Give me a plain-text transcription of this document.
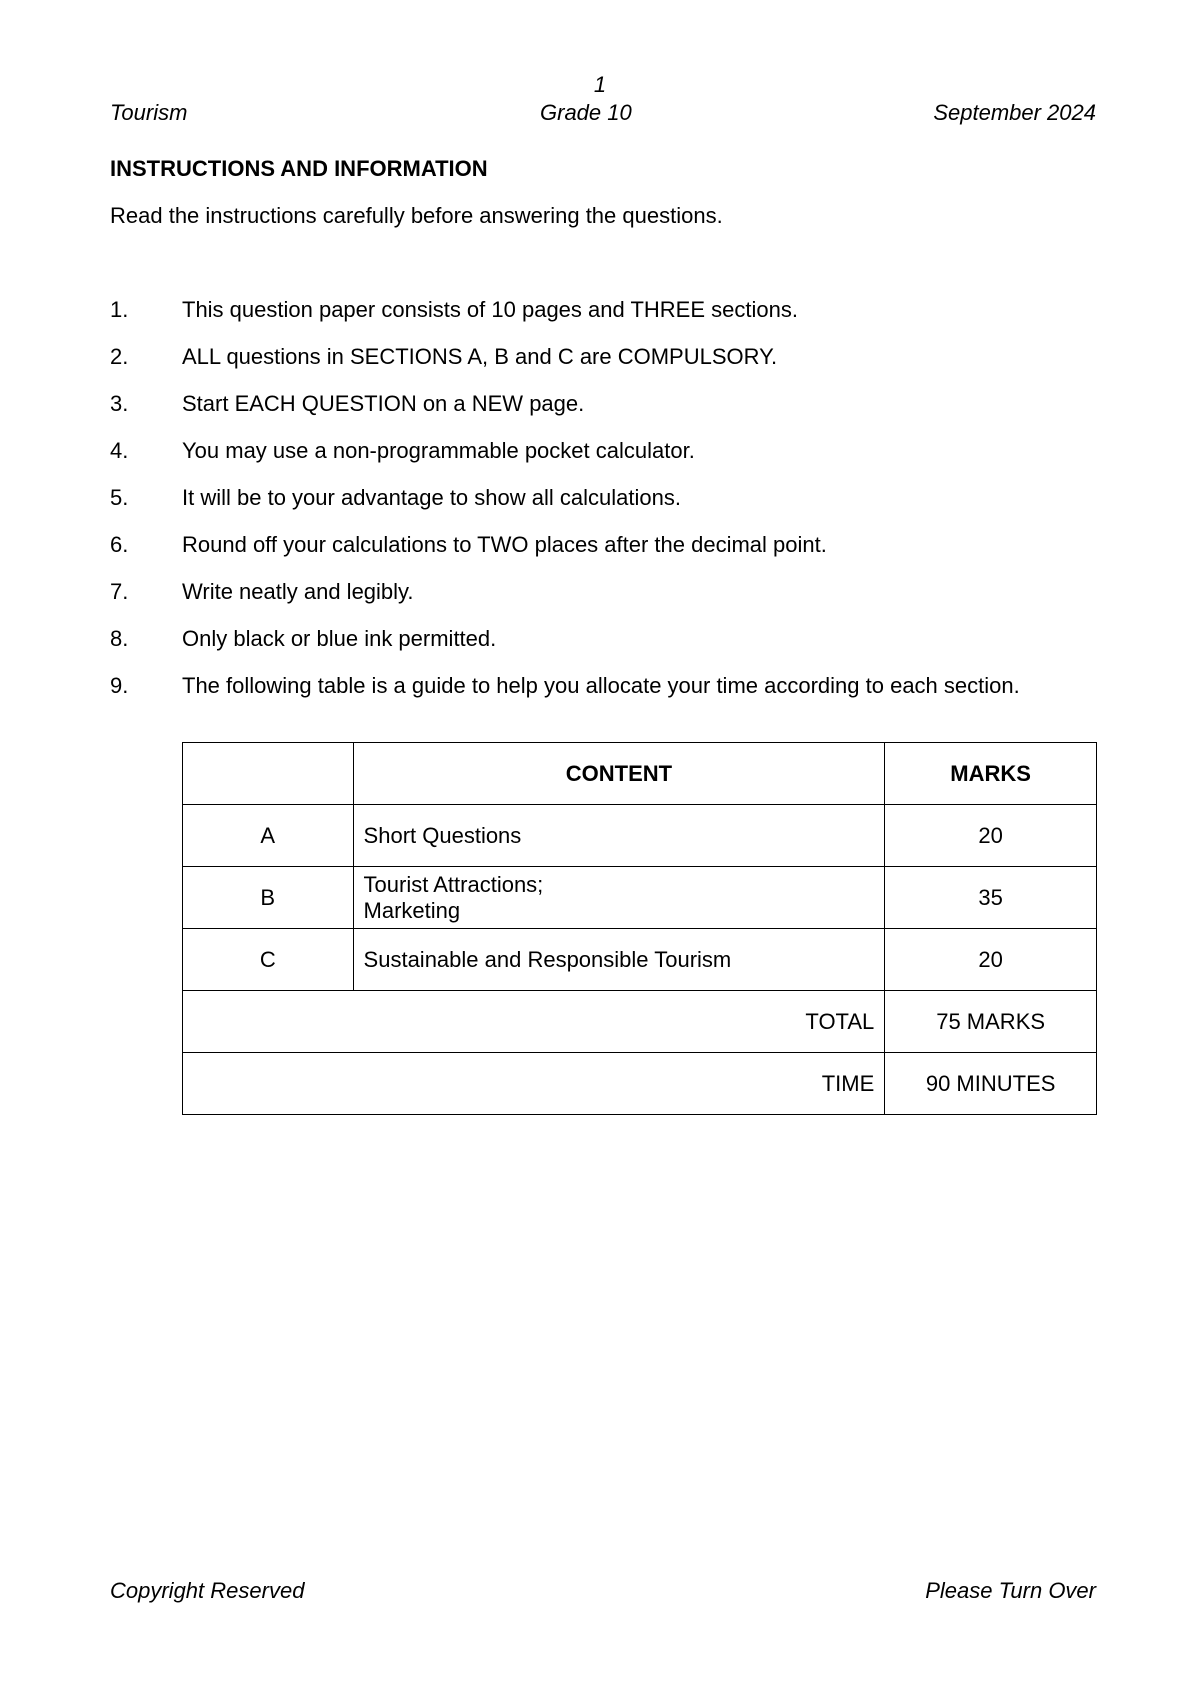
1
Tourism	Grade 10	September 2024
INSTRUCTIONS AND INFORMATION
Read the instructions carefully before answering the questions.
1. This question paper consists of 10 pages and THREE sections.
2. ALL questions in SECTIONS A, B and C are COMPULSORY.
3. Start EACH QUESTION on a NEW page.
4. You may use a non-programmable pocket calculator.
5. It will be to your advantage to show all calculations.
6. Round off your calculations to TWO places after the decimal point.
7. Write neatly and legibly.
8. Only black or blue ink permitted.
9. The following table is a guide to help you allocate your time according to each section.
	CONTENT	MARKS
A	Short Questions	20
B	Tourist Attractions;
Marketing	35
C	Sustainable and Responsible Tourism	20
TOTAL		75 MARKS
TIME		90 MINUTES
Copyright Reserved	Please Turn Over
